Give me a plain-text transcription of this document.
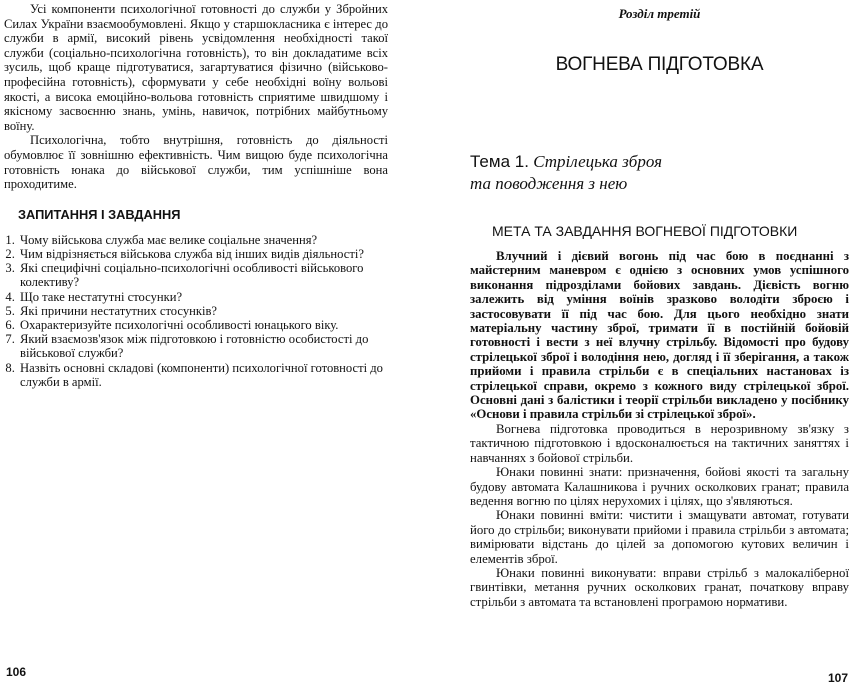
Усі компоненти психологічної готовності до служби у Збройних Силах України взаємообумовлені. Якщо у старшокласника є інтерес до служби в армії, високий рівень усвідомлення необхідності такої служби (соціально-психологічна готовність), то він докладатиме всіх зусиль, щоб краще підготуватися, загартуватися фізично (військово-професійна готовність), сформувати у себе необхідні воїну вольові якості, а висока емоційно-вольова готовність сприятиме швидшому і якіснoму засвоєнню знань, умінь, навичок, потрібних майбутньому воїну.

Психологічна, тобто внутрішня, готовність до діяльності обумовлює її зовнішню ефективність. Чим вищою буде психологічна готовність юнака до військової служби, тим успішніше вона проходитиме.

ЗАПИТАННЯ І ЗАВДАННЯ
1. Чому військова служба має велике соціальне значення?
2. Чим відрізняється військова служба від інших видів діяльності?
3. Які специфічні соціально-психологічні особливості військового колективу?
4. Що таке нестатутні стосунки?
5. Які причини нестатутних стосунків?
6. Охарактеризуйте психологічні особливості юнацького віку.
7. Який взаємозв'язок між підготовкою і готовністю особистості до військової служби?
8. Назвіть основні складові (компоненти) психологічної готовності до служби в армії.
106
Розділ третій
ВОГНЕВА ПІДГОТОВКА
Тема 1. Стрілецька зброя
та поводження з нею
МЕТА ТА ЗАВДАННЯ ВОГНЕВОЇ ПІДГОТОВКИ

Влучний і дієвий вогонь під час бою в поєднанні з майстерним маневром є однією з основних умов успішного виконання підрозділами бойових завдань. Дієвість вогню залежить від уміння воїнів зразково володіти зброєю і застосовувати її під час бою. Для цього необхідно знати матеріальну частину зброї, тримати її в постійній бойовій готовності і вести з неї влучну стрільбу. Відомості про будову стрілецької зброї і володіння нею, догляд і її зберігання, а також прийоми і правила стрільби є в спеціальних настановах із стрілецької справи, окремо з кожного виду стрілецької зброї. Основні дані з балістики і теорії стрільби викладено у посібнику «Основи і правила стрільби зі стрілецької зброї».

Вогнева підготовка проводиться в нерозривному зв'язку з тактичною підготовкою і вдосконалюється на тактичних заняттях і навчаннях з бойової стрільби.

Юнаки повинні знати: призначення, бойові якості та загальну будову автомата Калашникова і ручних осколкових гранат; правила ведення вогню по цілях нерухомих і цілях, що з'являються.

Юнаки повинні вміти: чистити і змащувати автомат, готувати його до стрільби; виконувати прийоми і правила стрільби з автомата; вимірювати відстань до цілей за допомогою кутових величин і елементів зброї.

Юнаки повинні виконувати: вправи стрільб з малокаліберної гвинтівки, метання ручних осколкових гранат, початкову вправу стрільби з автомата та встановлені програмою нормативи.

107
